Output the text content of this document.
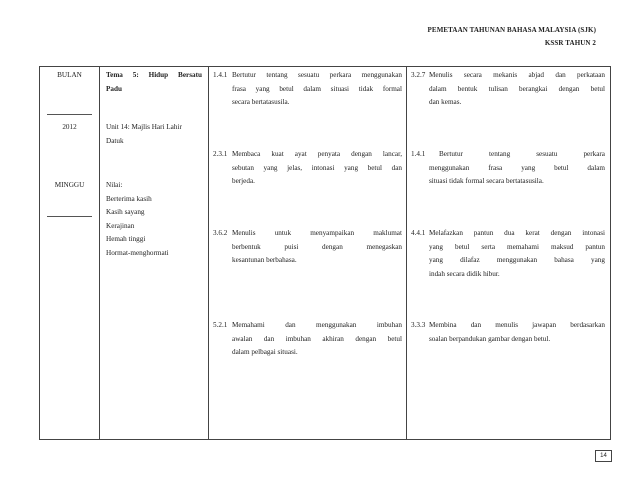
PEMETAAN TAHUNAN BAHASA MALAYSIA (SJK)
KSSR TAHUN 2
BULAN
2012
MINGGU
Tema 5: Hidup Bersatu
Padu
Unit 14: Majlis Hari Lahir
Datuk
Nilai:
Berterima kasih
Kasih sayang
Kerajinan
Hemah tinggi
Hormat-menghormati
1.4.1 Bertutur tentang sesuatu perkara menggunakan
frasa yang betul dalam situasi tidak formal
secara bertatasusila.
2.3.1 Membaca kuat ayat penyata dengan lancar,
sebutan yang jelas, intonasi yang betul dan
berjeda.
3.6.2 Menulis untuk menyampaikan maklumat
berbentuk puisi dengan menegaskan
kesantunan berbahasa.
5.2.1 Memahami dan menggunakan imbuhan
awalan dan imbuhan akhiran dengan betul
dalam pelbagai situasi.
3.2.7 Menulis secara mekanis abjad dan perkataan
dalam bentuk tulisan berangkai dengan betul
dan kemas.
1.4.1	Bertutur tentang sesuatu perkara
menggunakan frasa yang betul dalam
situasi tidak formal secara bertatasusila.
4.4.1 Melafazkan pantun dua kerat dengan intonasi
yang betul serta memahami maksud pantun
yang dilafaz menggunakan bahasa yang
indah secara didik hibur.
3.3.3 Membina dan menulis jawapan berdasarkan
soalan berpandukan gambar dengan betul.
14
